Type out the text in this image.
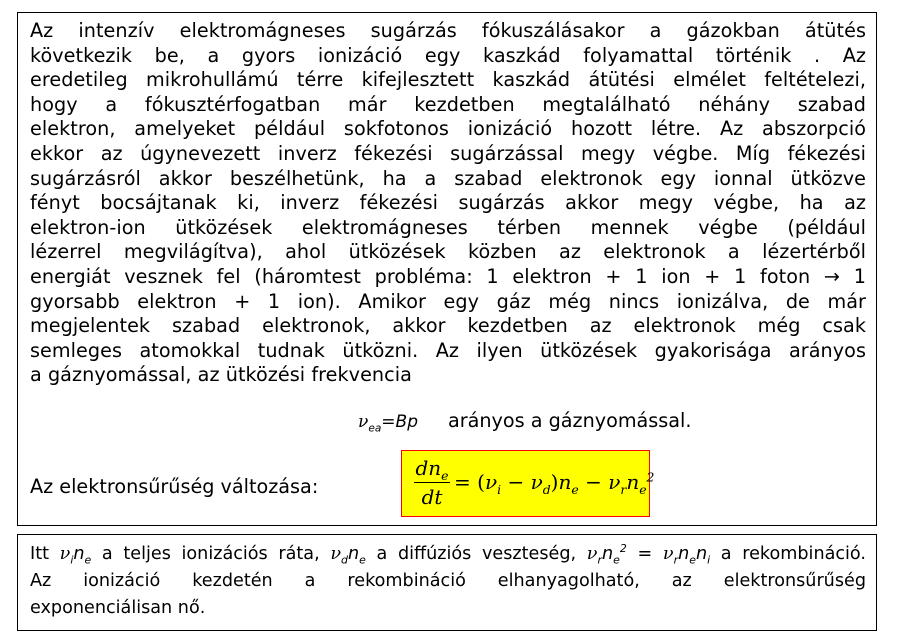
Az intenzív elektromágneses sugárzás fókuszálásakor a gázokban átütés
következik be, a gyors ionizáció egy kaszkád folyamattal történik . Az
eredetileg mikrohullámú térre kifejlesztett kaszkád átütési elmélet feltételezi,
hogy a fókusztérfogatban már kezdetben megtalálható néhány szabad
elektron, amelyeket például sokfotonos ionizáció hozott létre. Az abszorpció
ekkor az úgynevezett inverz fékezési sugárzással megy végbe. Míg fékezési
sugárzásról akkor beszélhetünk, ha a szabad elektronok egy ionnal ütközve
fényt bocsájtanak ki, inverz fékezési sugárzás akkor megy végbe, ha az
elektron-ion ütközések elektromágneses térben mennek végbe (például
lézerrel megvilágítva), ahol ütközések közben az elektronok a lézertérből
energiát vesznek fel (háromtest probléma: 1 elektron + 1 ion + 1 foton → 1
gyorsabb elektron + 1 ion). Amikor egy gáz még nincs ionizálva, de már
megjelentek szabad elektronok, akkor kezdetben az elektronok még csak
semleges atomokkal tudnak ütközni. Az ilyen ütközések gyakorisága arányos
a gáznyomással, az ütközési frekvencia
$\nu_{ea}=Bp$ arányos a gáznyomással.
Az elektronsűrűség változása:
$dn_e$
dt
= $(\nu_i - \nu_d)n_e - \nu_rn_e^2$
Itt $\nu_in_e$ a teljes ionizációs ráta, $\nu_dn_e$ a diffúziós veszteség, $\nu_rn_e^2 = \nu_rn_en_i$ a rekombináció.
Az ionizáció kezdetén a rekombináció elhanyagolható, az elektronsűrűség
exponenciálisan nő.
